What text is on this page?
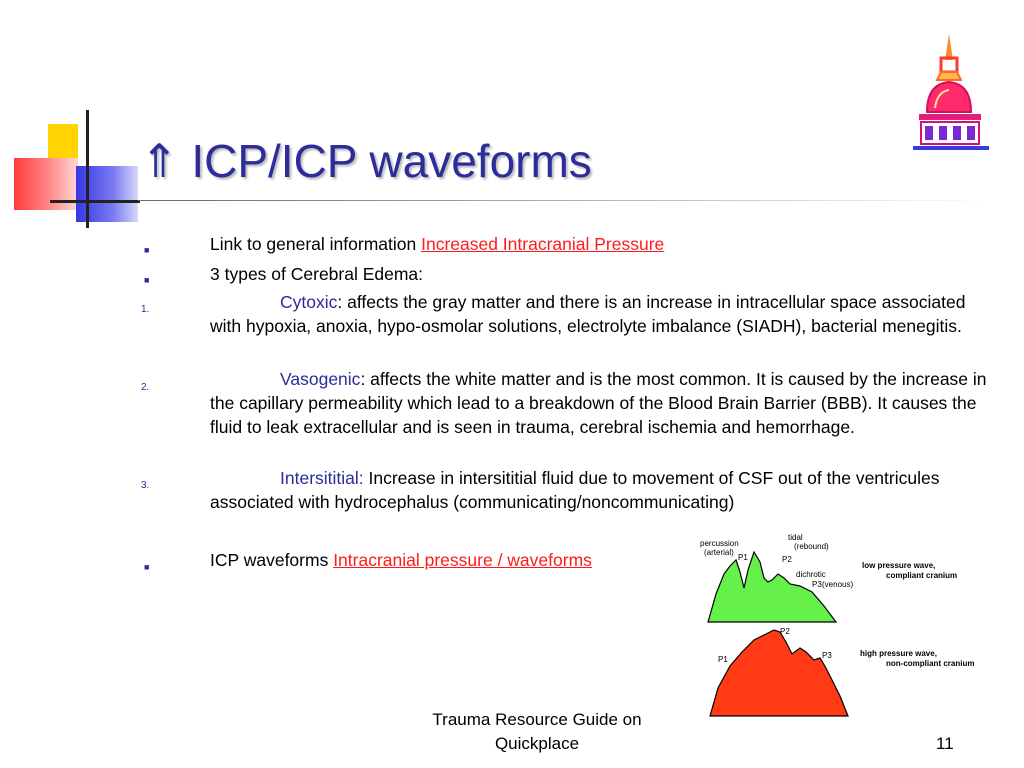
⇑ ICP/ICP waveforms
■	Link to general information Increased Intracranial Pressure
■	3 types of Cerebral Edema:
1.	Cytoxic: affects the gray matter and there is an increase in intracellular space associated with hypoxia, anoxia, hypo-osmolar solutions, electrolyte imbalance (SIADH), bacterial menegitis.
2.	Vasogenic: affects the white matter and is the most common. It is caused by the increase in the capillary permeability which lead to a breakdown of the Blood Brain Barrier (BBB). It causes the fluid to leak extracellular and is seen in trauma, cerebral ischemia and hemorrhage.
3.	Intersititial: Increase in intersititial fluid due to movement of CSF out of the ventricules associated with hydrocephalus (communicating/noncommunicating)
■	ICP waveforms Intracranial pressure / waveforms
percussion
(arterial)
P1
tidal
(rebound)
P2
dichrotic
(venous)
P3
low pressure wave,
compliant cranium
P2
P1	P3	high pressure wave,
non-compliant cranium
Trauma Resource Guide on Quickplace	11
